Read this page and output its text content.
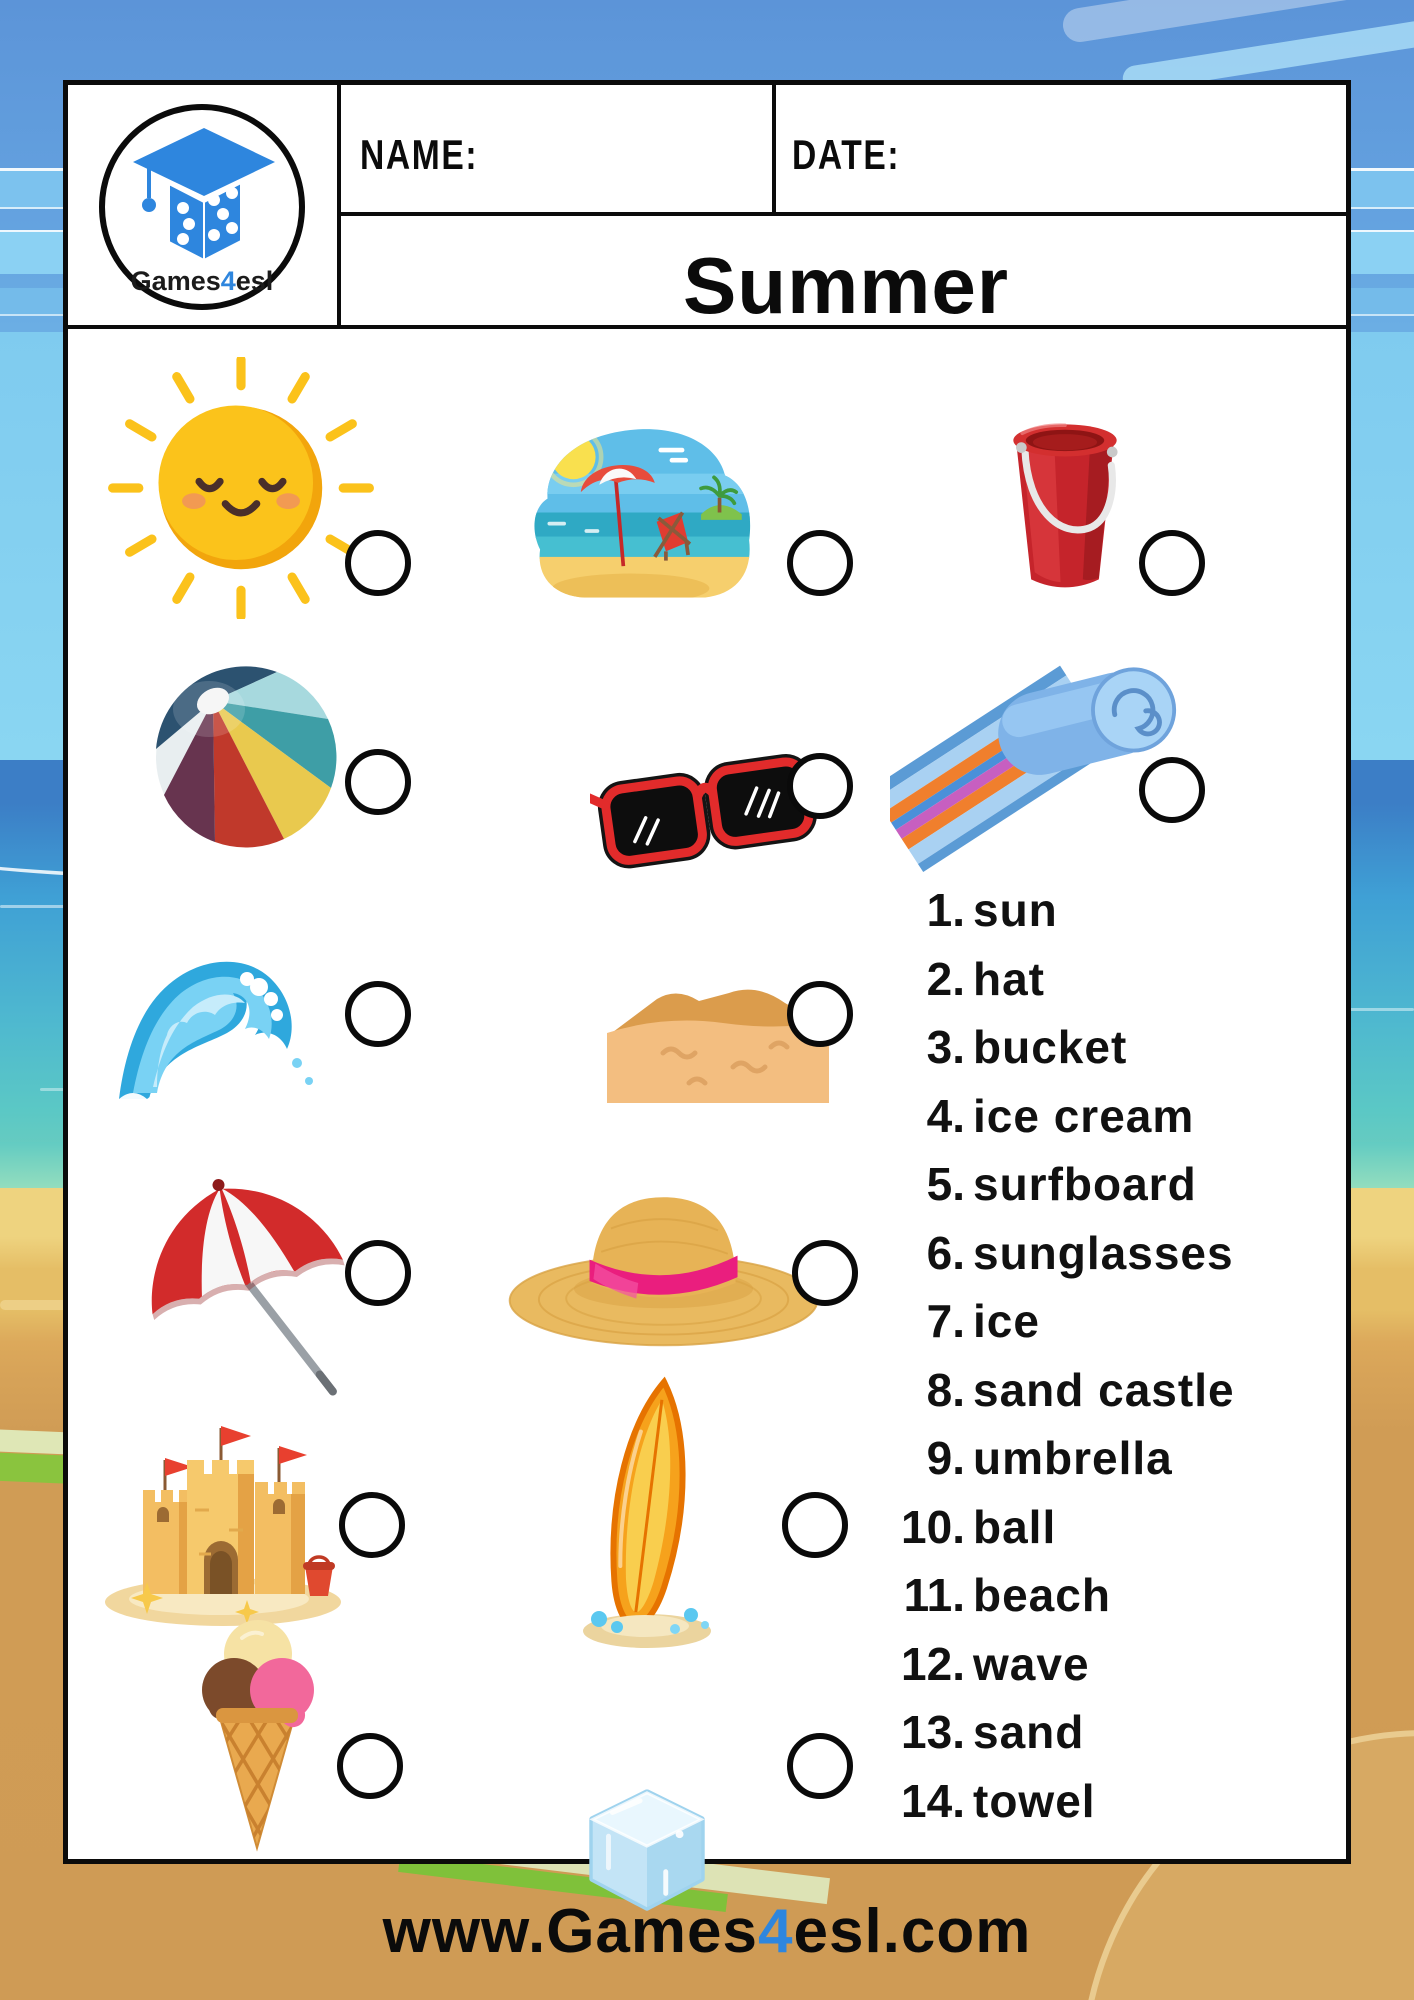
Games4esl
NAME:	DATE:
Summer
1. sun
2. hat
3. bucket
4. ice cream
5. surfboard
6. sunglasses
7. ice
8. sand castle
9. umbrella
10. ball
11. beach
12. wave
13. sand
14. towel
www.Games4esl.com
